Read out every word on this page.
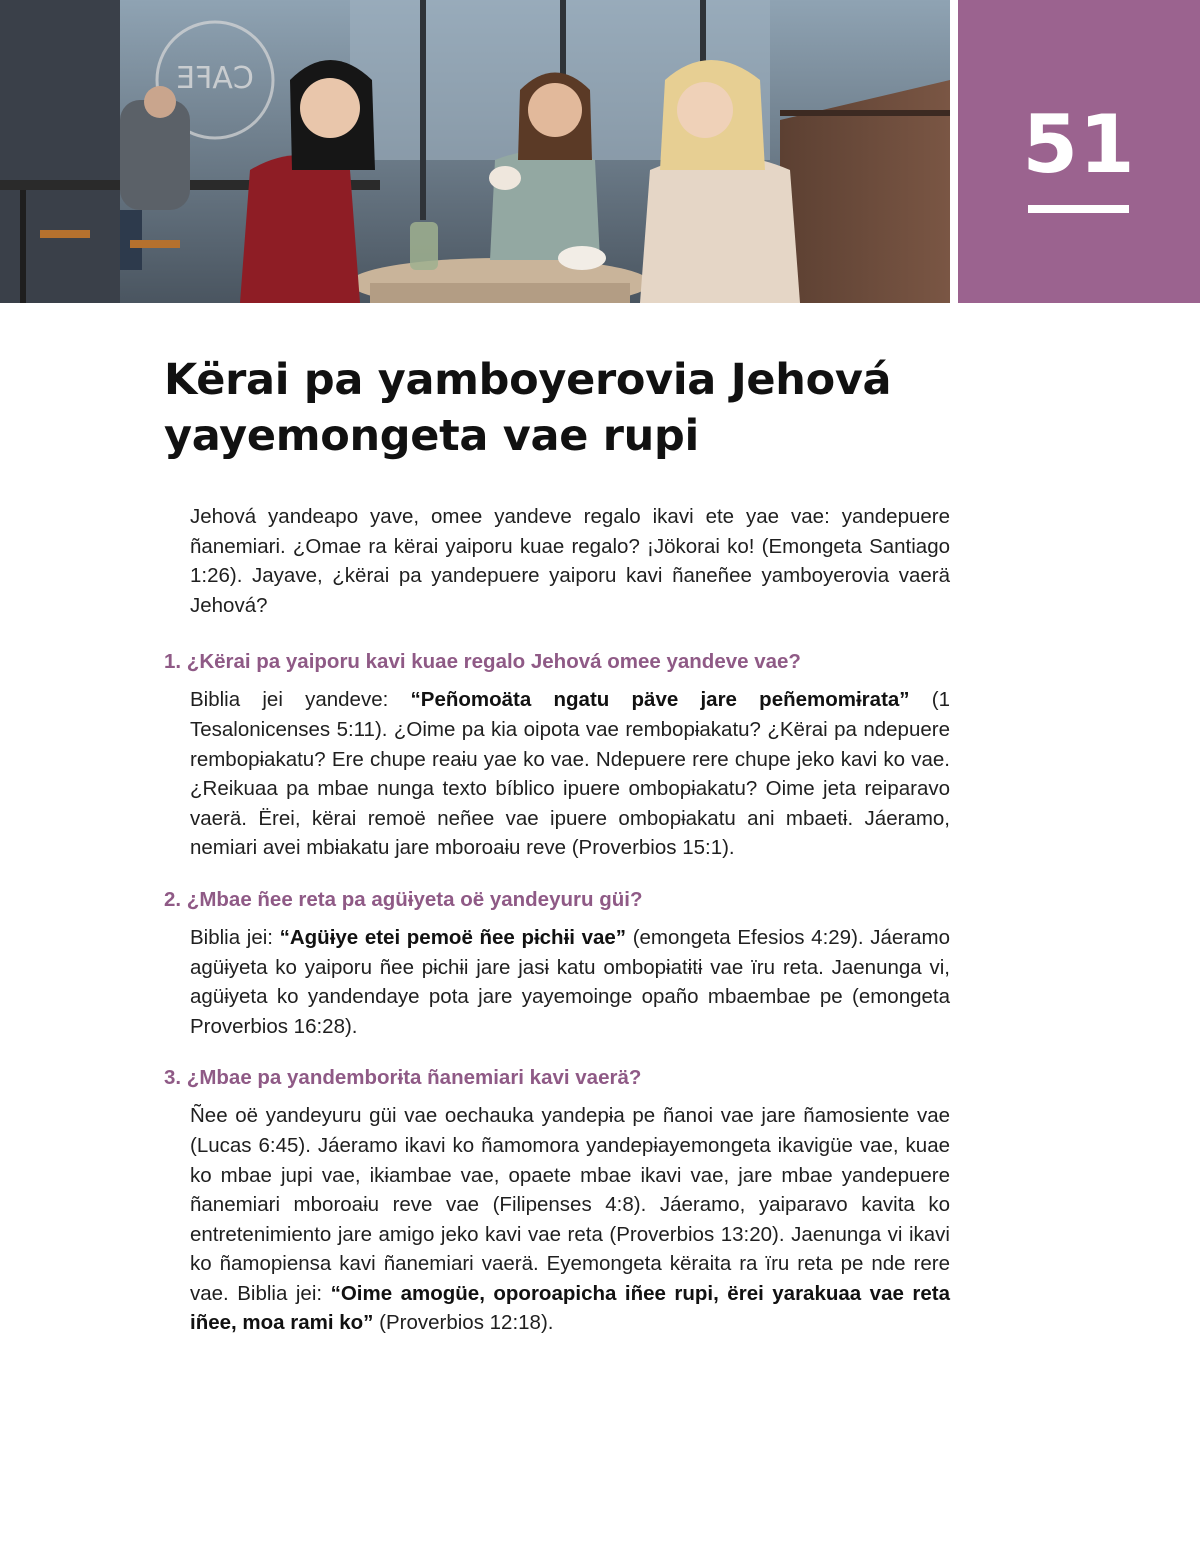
CAFE
51
Kërai pa yamboyerovia Jehová yayemongeta vae rupi

Jehová yandeapo yave, omee yandeve regalo ikavi ete yae vae: yandepuere ñanemiari. ¿Omae ra kërai yaiporu kuae regalo? ¡Jökorai ko! (Emongeta Santiago 1:26). Jayave, ¿kërai pa yandepuere yaiporu kavi ñaneñee yamboyerovia vaerä Jehová?

1. ¿Kërai pa yaiporu kavi kuae regalo Jehová omee yandeve vae?

Biblia jei yandeve: “Peñomoäta ngatu päve jare peñemomɨrata” (1 Tesalonicenses 5:11). ¿Oime pa kia oipota vae rembopɨakatu? ¿Kërai pa ndepuere rembopɨakatu? Ere chupe reaɨu yae ko vae. Ndepuere rere chupe jeko kavi ko vae. ¿Reikuaa pa mbae nunga texto bíblico ipuere ombopɨakatu? Oime jeta reiparavo vaerä. Ërei, kërai remoë neñee vae ipuere ombopɨakatu ani mbaetɨ. Jáeramo, nemiari avei mbɨakatu jare mboroaɨu reve (Proverbios 15:1).

2. ¿Mbae ñee reta pa agüɨyeta oë yandeyuru güi?

Biblia jei: “Agüɨye etei pemoë ñee pɨchɨi vae” (emongeta Efesios 4:29). Jáeramo agüɨyeta ko yaiporu ñee pɨchɨi jare jasɨ katu ombopɨatɨtɨ vae ïru reta. Jaenunga vi, agüɨyeta ko yandendaye pota jare yayemoinge opaño mbaembae pe (emongeta Proverbios 16:28).

3. ¿Mbae pa yandemborɨta ñanemiari kavi vaerä?

Ñee oë yandeyuru güi vae oechauka yandepɨa pe ñanoi vae jare ñamosiente vae (Lucas 6:45). Jáeramo ikavi ko ñamomora yandepɨayemongeta ikavigüe vae, kuae ko mbae jupi vae, ikɨambae vae, opaete mbae ikavi vae, jare mbae yandepuere ñanemiari mboroaɨu reve vae (Filipenses 4:8). Jáeramo, yaiparavo kavita ko entretenimiento jare amigo jeko kavi vae reta (Proverbios 13:20). Jaenunga vi ikavi ko ñamopiensa kavi ñanemiari vaerä. Eyemongeta këraita ra ïru reta pe nde rere vae. Biblia jei: “Oime amogüe, oporoapicha iñee rupi, ërei yarakuaa vae reta iñee, moa rami ko” (Proverbios 12:18).
